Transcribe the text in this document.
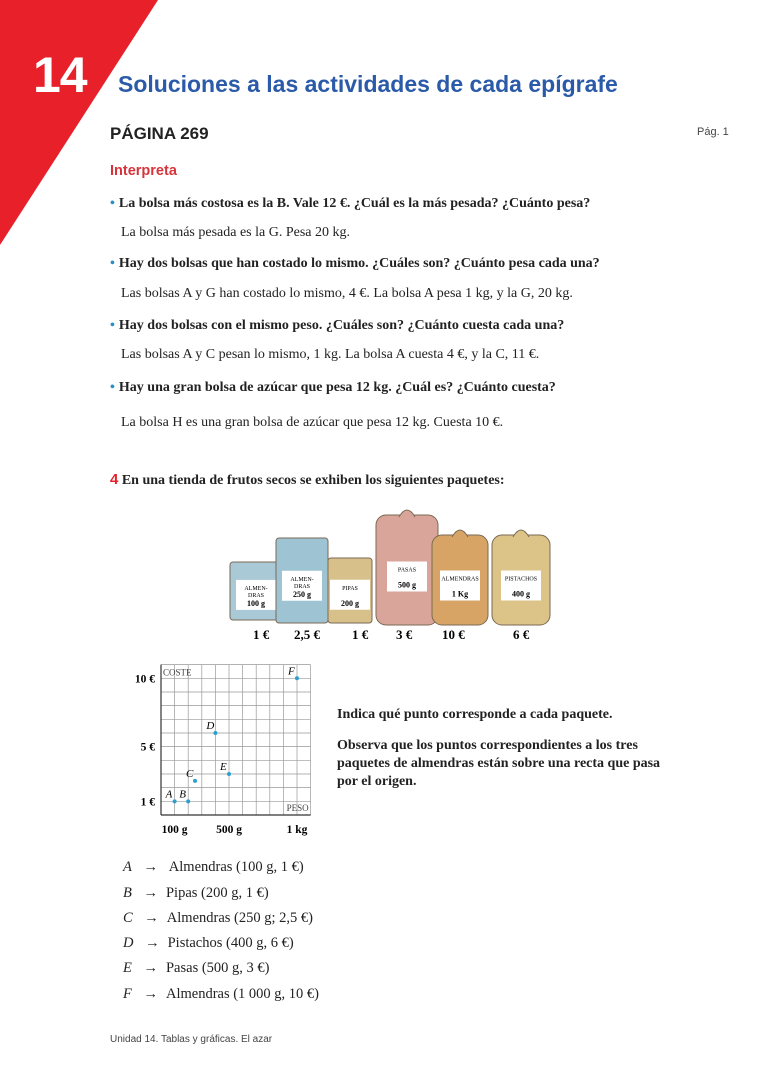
14 Soluciones a las actividades de cada epígrafe
PÁGINA 269	Pág. 1
Interpreta
• La bolsa más costosa es la B. Vale 12 €. ¿Cuál es la más pesada? ¿Cuánto pesa?
La bolsa más pesada es la G. Pesa 20 kg.
• Hay dos bolsas que han costado lo mismo. ¿Cuáles son? ¿Cuánto pesa cada una?
Las bolsas A y G han costado lo mismo, 4 €. La bolsa A pesa 1 kg, y la G, 20 kg.
• Hay dos bolsas con el mismo peso. ¿Cuáles son? ¿Cuánto cuesta cada una?
Las bolsas A y C pesan lo mismo, 1 kg. La bolsa A cuesta 4 €, y la C, 11 €.
• Hay una gran bolsa de azúcar que pesa 12 kg. ¿Cuál es? ¿Cuánto cuesta?
La bolsa H es una gran bolsa de azúcar que pesa 12 kg. Cuesta 10 €.
4 En una tienda de frutos secos se exhiben los siguientes paquetes:
ALMEN-
DRAS
100 g
ALMEN-
DRAS
250 g
PIPAS
200 g
PASAS
500 g
ALMENDRAS
1 Kg
PISTACHOS
400 g
1 € 2,5 € 1 € 3 € 10 €	6 €
COSTE
PESO
1 €
5 €
10 €
100 g 500 g	1 kg
A B
C
D
E
F
Indica qué punto corresponde a cada paquete.
Observa que los puntos correspondientes a los tres paquetes de almendras están sobre una recta que pasa por el origen.
A → Almendras (100 g, 1 €)
B → Pipas (200 g, 1 €)
C → Almendras (250 g; 2,5 €)
D → Pistachos (400 g, 6 €)
E → Pasas (500 g, 3 €)
F → Almendras (1 000 g, 10 €)
Unidad 14. Tablas y gráficas. El azar
